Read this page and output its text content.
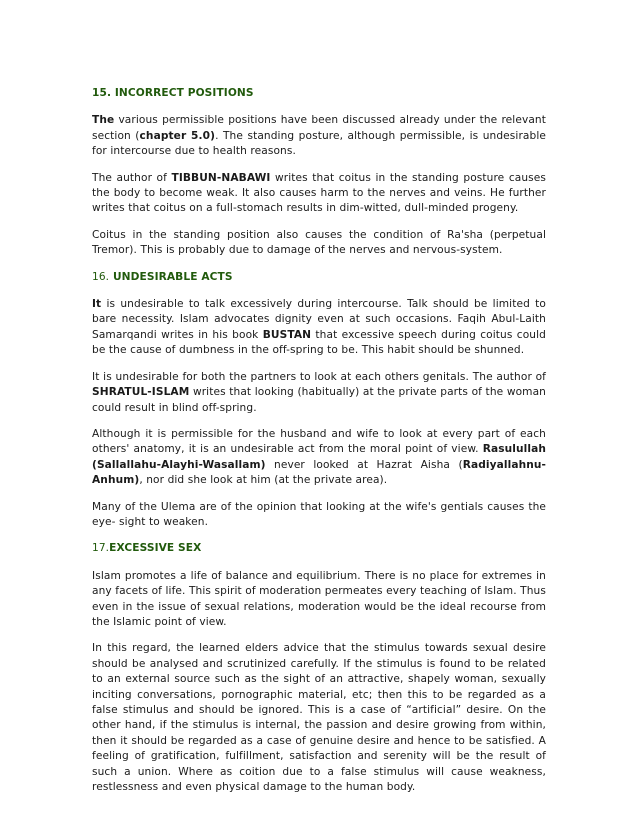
15. INCORRECT POSITIONS

The various permissible positions have been discussed already under the relevant section (chapter 5.0). The standing posture, although permissible, is undesirable for intercourse due to health reasons.

The author of TIBBUN-NABAWI writes that coitus in the standing posture causes the body to become weak. It also causes harm to the nerves and veins. He further writes that coitus on a full-stomach results in dim-witted, dull-minded progeny.

Coitus in the standing position also causes the condition of Ra'sha (perpetual Tremor). This is probably due to damage of the nerves and nervous-system.

16. UNDESIRABLE ACTS

It is undesirable to talk excessively during intercourse. Talk should be limited to bare necessity. Islam advocates dignity even at such occasions. Faqih Abul-Laith Samarqandi writes in his book BUSTAN that excessive speech during coitus could be the cause of dumbness in the off-spring to be. This habit should be shunned.

It is undesirable for both the partners to look at each others genitals. The author of SHRATUL-ISLAM writes that looking (habitually) at the private parts of the woman could result in blind off-spring.

Although it is permissible for the husband and wife to look at every part of each others' anatomy, it is an undesirable act from the moral point of view. Rasulullah (Sallallahu-Alayhi-Wasallam) never looked at Hazrat Aisha (Radiyallahnu-Anhum), nor did she look at him (at the private area).

Many of the Ulema are of the opinion that looking at the wife's gentials causes the eye- sight to weaken.

17.EXCESSIVE SEX

Islam promotes a life of balance and equilibrium. There is no place for extremes in any facets of life. This spirit of moderation permeates every teaching of Islam. Thus even in the issue of sexual relations, moderation would be the ideal recourse from the Islamic point of view.

In this regard, the learned elders advice that the stimulus towards sexual desire should be analysed and scrutinized carefully. If the stimulus is found to be related to an external source such as the sight of an attractive, shapely woman, sexually inciting conversations, pornographic material, etc; then this to be regarded as a false stimulus and should be ignored. This is a case of “artificial” desire. On the other hand, if the stimulus is internal, the passion and desire growing from within, then it should be regarded as a case of genuine desire and hence to be satisfied. A feeling of gratification, fulfillment, satisfaction and serenity will be the result of such a union. Where as coition due to a false stimulus will cause weakness, restlessness and even physical damage to the human body.
